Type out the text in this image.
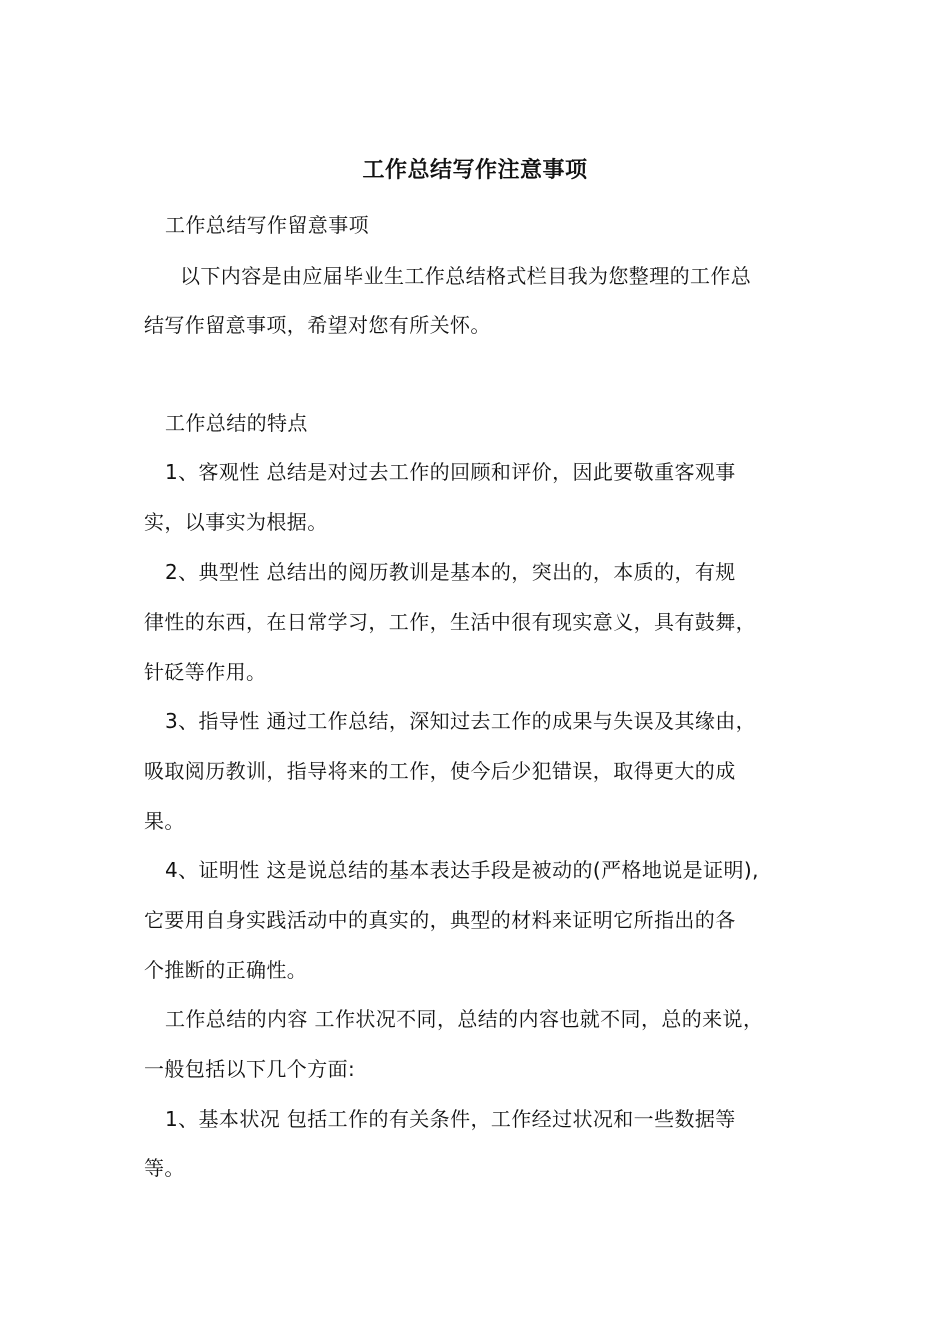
工作总结写作注意事项
工作总结写作留意事项
以下内容是由应届毕业生工作总结格式栏目我为您整理的工作总
结写作留意事项，希望对您有所关怀。
工作总结的特点
1、客观性 总结是对过去工作的回顾和评价，因此要敬重客观事
实，以事实为根据。
2、典型性 总结出的阅历教训是基本的，突出的，本质的，有规
律性的东西，在日常学习，工作，生活中很有现实意义，具有鼓舞，
针砭等作用。
3、指导性 通过工作总结，深知过去工作的成果与失误及其缘由，
吸取阅历教训，指导将来的工作，使今后少犯错误，取得更大的成
果。
4、证明性 这是说总结的基本表达手段是被动的(严格地说是证明),
它要用自身实践活动中的真实的，典型的材料来证明它所指出的各
个推断的正确性。
工作总结的内容 工作状况不同，总结的内容也就不同，总的来说，
一般包括以下几个方面:
1、基本状况 包括工作的有关条件，工作经过状况和一些数据等
等。
